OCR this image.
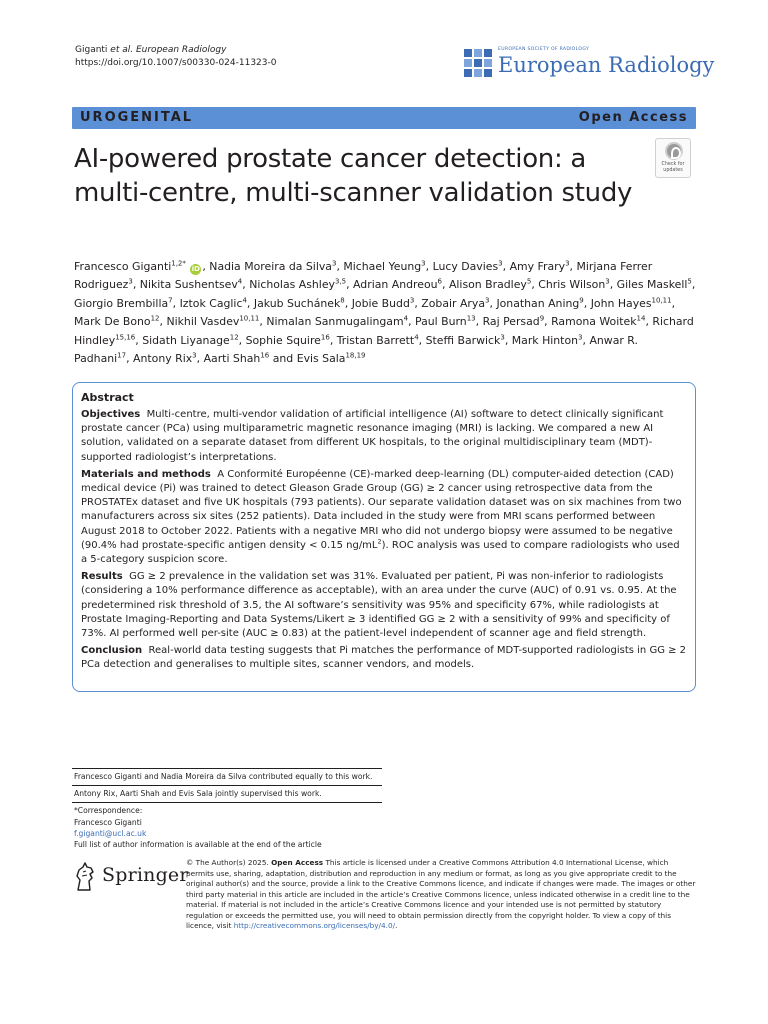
Giganti et al. European Radiology
https://doi.org/10.1007/s00330-024-11323-0
EUROPEAN SOCIETY OF RADIOLOGY
European Radiology
UROGENITAL	Open Access
AI-powered prostate cancer detection: a multi-centre, multi-scanner validation study
Check for
updates
Francesco Giganti$^{1,2*}$ iD , Nadia Moreira da Silva$^3$, Michael Yeung$^3$, Lucy Davies$^3$, Amy Frary$^3$, Mirjana Ferrer Rodriguez$^3$, Nikita Sushentsev$^4$, Nicholas Ashley$^{3,5}$, Adrian Andreou$^6$, Alison Bradley$^5$, Chris Wilson$^3$, Giles Maskell$^5$, Giorgio Brembilla$^7$, Iztok Caglic$^4$, Jakub Suchánek$^8$, Jobie Budd$^3$, Zobair Arya$^3$, Jonathan Aning$^9$, John Hayes$^{10,11}$, Mark De Bono$^{12}$, Nikhil Vasdev$^{10,11}$, Nimalan Sanmugalingam$^4$, Paul Burn$^{13}$, Raj Persad$^9$, Ramona Woitek$^{14}$, Richard Hindley$^{15,16}$, Sidath Liyanage$^{12}$, Sophie Squire$^{16}$, Tristan Barrett$^4$, Steffi Barwick$^3$, Mark Hinton$^3$, Anwar R. Padhani$^{17}$, Antony Rix$^3$, Aarti Shah$^{16}$ and Evis Sala$^{18,19}$
Abstract

Objectives Multi-centre, multi-vendor validation of artificial intelligence (AI) software to detect clinically significant prostate cancer (PCa) using multiparametric magnetic resonance imaging (MRI) is lacking. We compared a new AI solution, validated on a separate dataset from different UK hospitals, to the original multidisciplinary team (MDT)-supported radiologist’s interpretations.

Materials and methods A Conformité Européenne (CE)-marked deep-learning (DL) computer-aided detection (CAD) medical device (Pi) was trained to detect Gleason Grade Group (GG) ≥ 2 cancer using retrospective data from the PROSTATEx dataset and five UK hospitals (793 patients). Our separate validation dataset was on six machines from two manufacturers across six sites (252 patients). Data included in the study were from MRI scans performed between August 2018 to October 2022. Patients with a negative MRI who did not undergo biopsy were assumed to be negative (90.4% had prostate-specific antigen density < 0.15 $ng/mL^2$). ROC analysis was used to compare radiologists who used a 5-category suspicion score.

Results GG ≥ 2 prevalence in the validation set was 31%. Evaluated per patient, Pi was non-inferior to radiologists (considering a 10% performance difference as acceptable), with an area under the curve (AUC) of 0.91 vs. 0.95. At the predetermined risk threshold of 3.5, the AI software’s sensitivity was 95% and specificity 67%, while radiologists at Prostate Imaging-Reporting and Data Systems/Likert ≥ 3 identified GG ≥ 2 with a sensitivity of 99% and specificity of 73%. AI performed well per-site (AUC ≥ 0.83) at the patient-level independent of scanner age and field strength.

Conclusion Real-world data testing suggests that Pi matches the performance of MDT-supported radiologists in GG ≥ 2 PCa detection and generalises to multiple sites, scanner vendors, and models.

Francesco Giganti and Nadia Moreira da Silva contributed equally to this work.
Antony Rix, Aarti Shah and Evis Sala jointly supervised this work.
*Correspondence:
Francesco Giganti
f.giganti@ucl.ac.uk
Full list of author information is available at the end of the article
Springer
© The Author(s) 2025. Open Access This article is licensed under a Creative Commons Attribution 4.0 International License, which permits use, sharing, adaptation, distribution and reproduction in any medium or format, as long as you give appropriate credit to the original author(s) and the source, provide a link to the Creative Commons licence, and indicate if changes were made. The images or other third party material in this article are included in the article’s Creative Commons licence, unless indicated otherwise in a credit line to the material. If material is not included in the article’s Creative Commons licence and your intended use is not permitted by statutory regulation or exceeds the permitted use, you will need to obtain permission directly from the copyright holder. To view a copy of this licence, visit http://creativecommons.org/licenses/by/4.0/.
